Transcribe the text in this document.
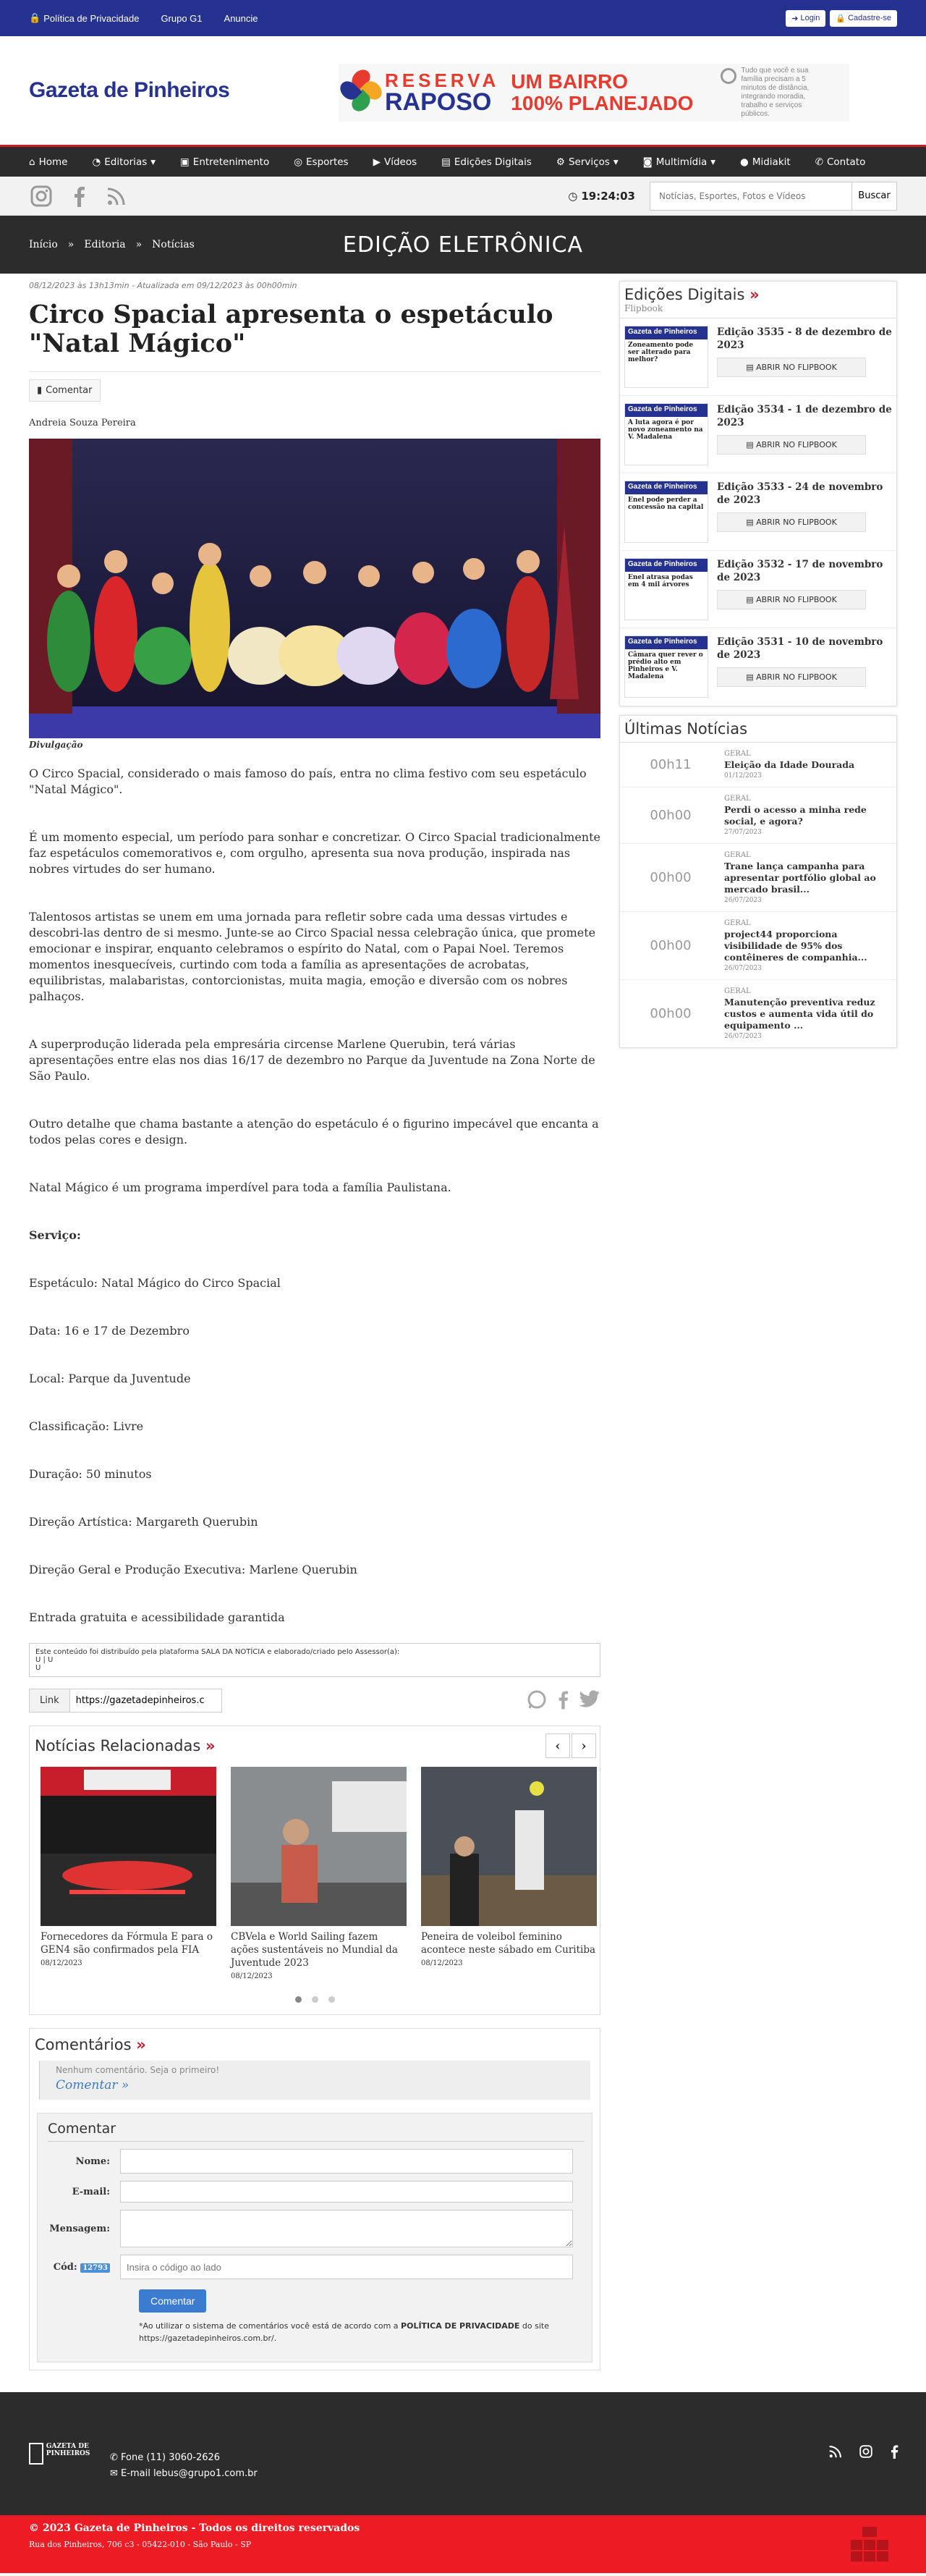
🔒 Política de Privacidade Grupo G1 Anuncie	➜ Login 🔒 Cadastre-se
Gazeta de Pinheiros	RESERVA
RAPOSO
UM BAIRRO
100% PLANEJADO
Tudo que você e sua família precisam a 5 minutos de distância, integrando moradia, trabalho e serviços públicos.
⌂ Home	◔ Editorias ▾	▣ Entretenimento	◎ Esportes	▶ Vídeos	▤ Edições Digitais	⚙ Serviços ▾	◙ Multimídia ▾	● Midiakit	✆ Contato
◷ 19:24:03
Notícias, Esportes, Fotos e Vídeos	Buscar
Início » Editoria » Notícias	EDIÇÃO ELETRÔNICA
08/12/2023 às 13h13min - Atualizada em 09/12/2023 às 00h00min
Circo Spacial apresenta o espetáculo "Natal Mágico"
▮ Comentar
Andreia Souza Pereira
Divulgação

O Circo Spacial, considerado o mais famoso do país, entra no clima festivo com seu espetáculo "Natal Mágico".

É um momento especial, um período para sonhar e concretizar. O Circo Spacial tradicionalmente faz espetáculos comemorativos e, com orgulho, apresenta sua nova produção, inspirada nas nobres virtudes do ser humano.

Talentosos artistas se unem em uma jornada para refletir sobre cada uma dessas virtudes e descobri-las dentro de si mesmo. Junte-se ao Circo Spacial nessa celebração única, que promete emocionar e inspirar, enquanto celebramos o espírito do Natal, com o Papai Noel. Teremos momentos inesquecíveis, curtindo com toda a família as apresentações de acrobatas, equilibristas, malabaristas, contorcionistas, muita magia, emoção e diversão com os nobres palhaços.

A superprodução liderada pela empresária circense Marlene Querubin, terá várias apresentações entre elas nos dias 16/17 de dezembro no Parque da Juventude na Zona Norte de São Paulo.

Outro detalhe que chama bastante a atenção do espetáculo é o figurino impecável que encanta a todos pelas cores e design.

Natal Mágico é um programa imperdível para toda a família Paulistana.

Serviço:

Espetáculo: Natal Mágico do Circo Spacial

Data: 16 e 17 de Dezembro

Local: Parque da Juventude

Classificação: Livre

Duração: 50 minutos

Direção Artística: Margareth Querubin

Direção Geral e Produção Executiva: Marlene Querubin

Entrada gratuita e acessibilidade garantida

Este conteúdo foi distribuído pela plataforma SALA DA NOTÍCIA e elaborado/criado pelo Assessor(a):
U | U
U
Link
https://gazetadepinheiros.c
Notícias Relacionadas »	‹	›
Fornecedores da Fórmula E para o GEN4 são confirmados pela FIA
08/12/2023
CBVela e World Sailing fazem ações sustentáveis no Mundial da Juventude 2023
08/12/2023
Peneira de voleibol feminino acontece neste sábado em Curitiba
08/12/2023
Comentários »
Nenhum comentário. Seja o primeiro!
Comentar »
Comentar
Nome:
E-mail:
Mensagem:
Cód: 12793
Insira o código ao lado
Comentar
*Ao utilizar o sistema de comentários você está de acordo com a POLÍTICA DE PRIVACIDADE do site https://gazetadepinheiros.com.br/.
Edições Digitais »
Flipbook
Gazeta de Pinheiros
Zoneamento pode ser alterado para melhor?
Edição 3535 - 8 de dezembro de 2023
▤ ABRIR NO FLIPBOOK
Gazeta de Pinheiros
A luta agora é por novo zoneamento na V. Madalena
Edição 3534 - 1 de dezembro de 2023
▤ ABRIR NO FLIPBOOK
Gazeta de Pinheiros
Enel pode perder a concessão na capital
Edição 3533 - 24 de novembro de 2023
▤ ABRIR NO FLIPBOOK
Gazeta de Pinheiros
Enel atrasa podas em 4 mil árvores
Edição 3532 - 17 de novembro de 2023
▤ ABRIR NO FLIPBOOK
Gazeta de Pinheiros
Câmara quer rever o prédio alto em Pinheiros e V. Madalena
Edição 3531 - 10 de novembro de 2023
▤ ABRIR NO FLIPBOOK
Últimas Notícias
00h11
GERAL
Eleição da Idade Dourada
01/12/2023
00h00
GERAL
Perdi o acesso a minha rede social, e agora?
27/07/2023
00h00
GERAL
Trane lança campanha para apresentar portfólio global ao mercado brasil...
26/07/2023
00h00
GERAL
project44 proporciona visibilidade de 95% dos contêineres de companhia...
26/07/2023
00h00
GERAL
Manutenção preventiva reduz custos e aumenta vida útil do equipamento ...
26/07/2023
GAZETA DE PINHEIROS	✆ Fone (11) 3060-2626
✉ E-mail lebus@grupo1.com.br
© 2023 Gazeta de Pinheiros - Todos os direitos reservados
Rua dos Pinheiros, 706 c3 - 05422-010 - São Paulo - SP
